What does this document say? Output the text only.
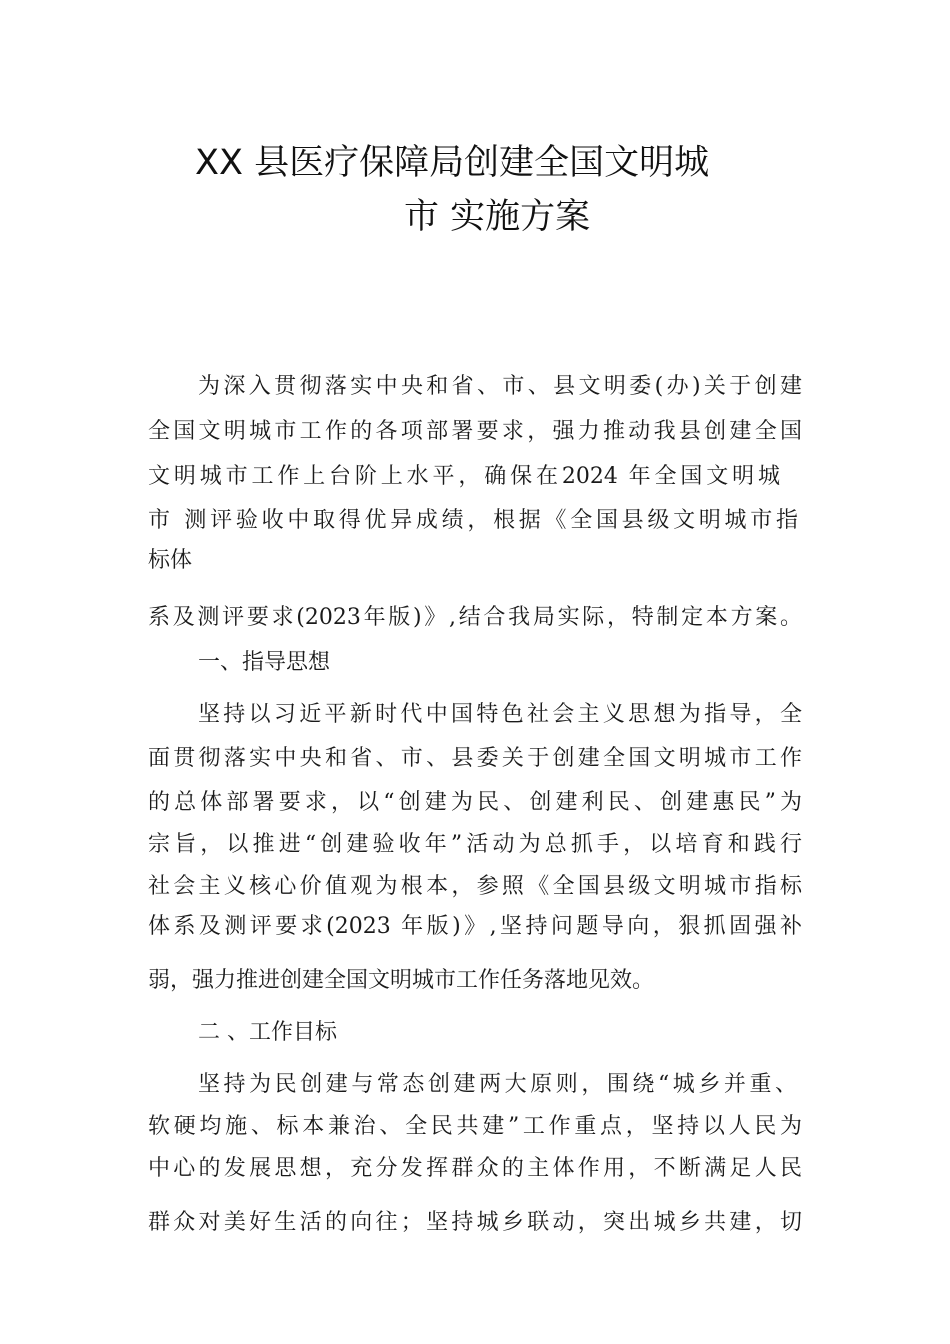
XX 县医疗保障局创建全国文明城
市 实施方案
为深入贯彻落实中央和省、市、县文明委(办)关于创建
全国文明城市工作的各项部署要求，强力推动我县创建全国
文明城市工作上台阶上水平，确保在2024 年全国文明城
市 测评验收中取得优异成绩，根据《全国县级文明城市指
标体
系及测评要求(2023年版)》,结合我局实际，特制定本方案。
一、指导思想
坚持以习近平新时代中国特色社会主义思想为指导，全
面贯彻落实中央和省、市、县委关于创建全国文明城市工作
的总体部署要求，以“创建为民、创建利民、创建惠民”为
宗旨，以推进“创建验收年”活动为总抓手，以培育和践行
社会主义核心价值观为根本，参照《全国县级文明城市指标
体系及测评要求(2023 年版)》,坚持问题导向，狠抓固强补
弱，强力推进创建全国文明城市工作任务落地见效。
二 、工作目标
坚持为民创建与常态创建两大原则，围绕“城乡并重、
软硬均施、标本兼治、全民共建”工作重点，坚持以人民为
中心的发展思想，充分发挥群众的主体作用，不断满足人民
群众对美好生活的向往；坚持城乡联动，突出城乡共建，切
